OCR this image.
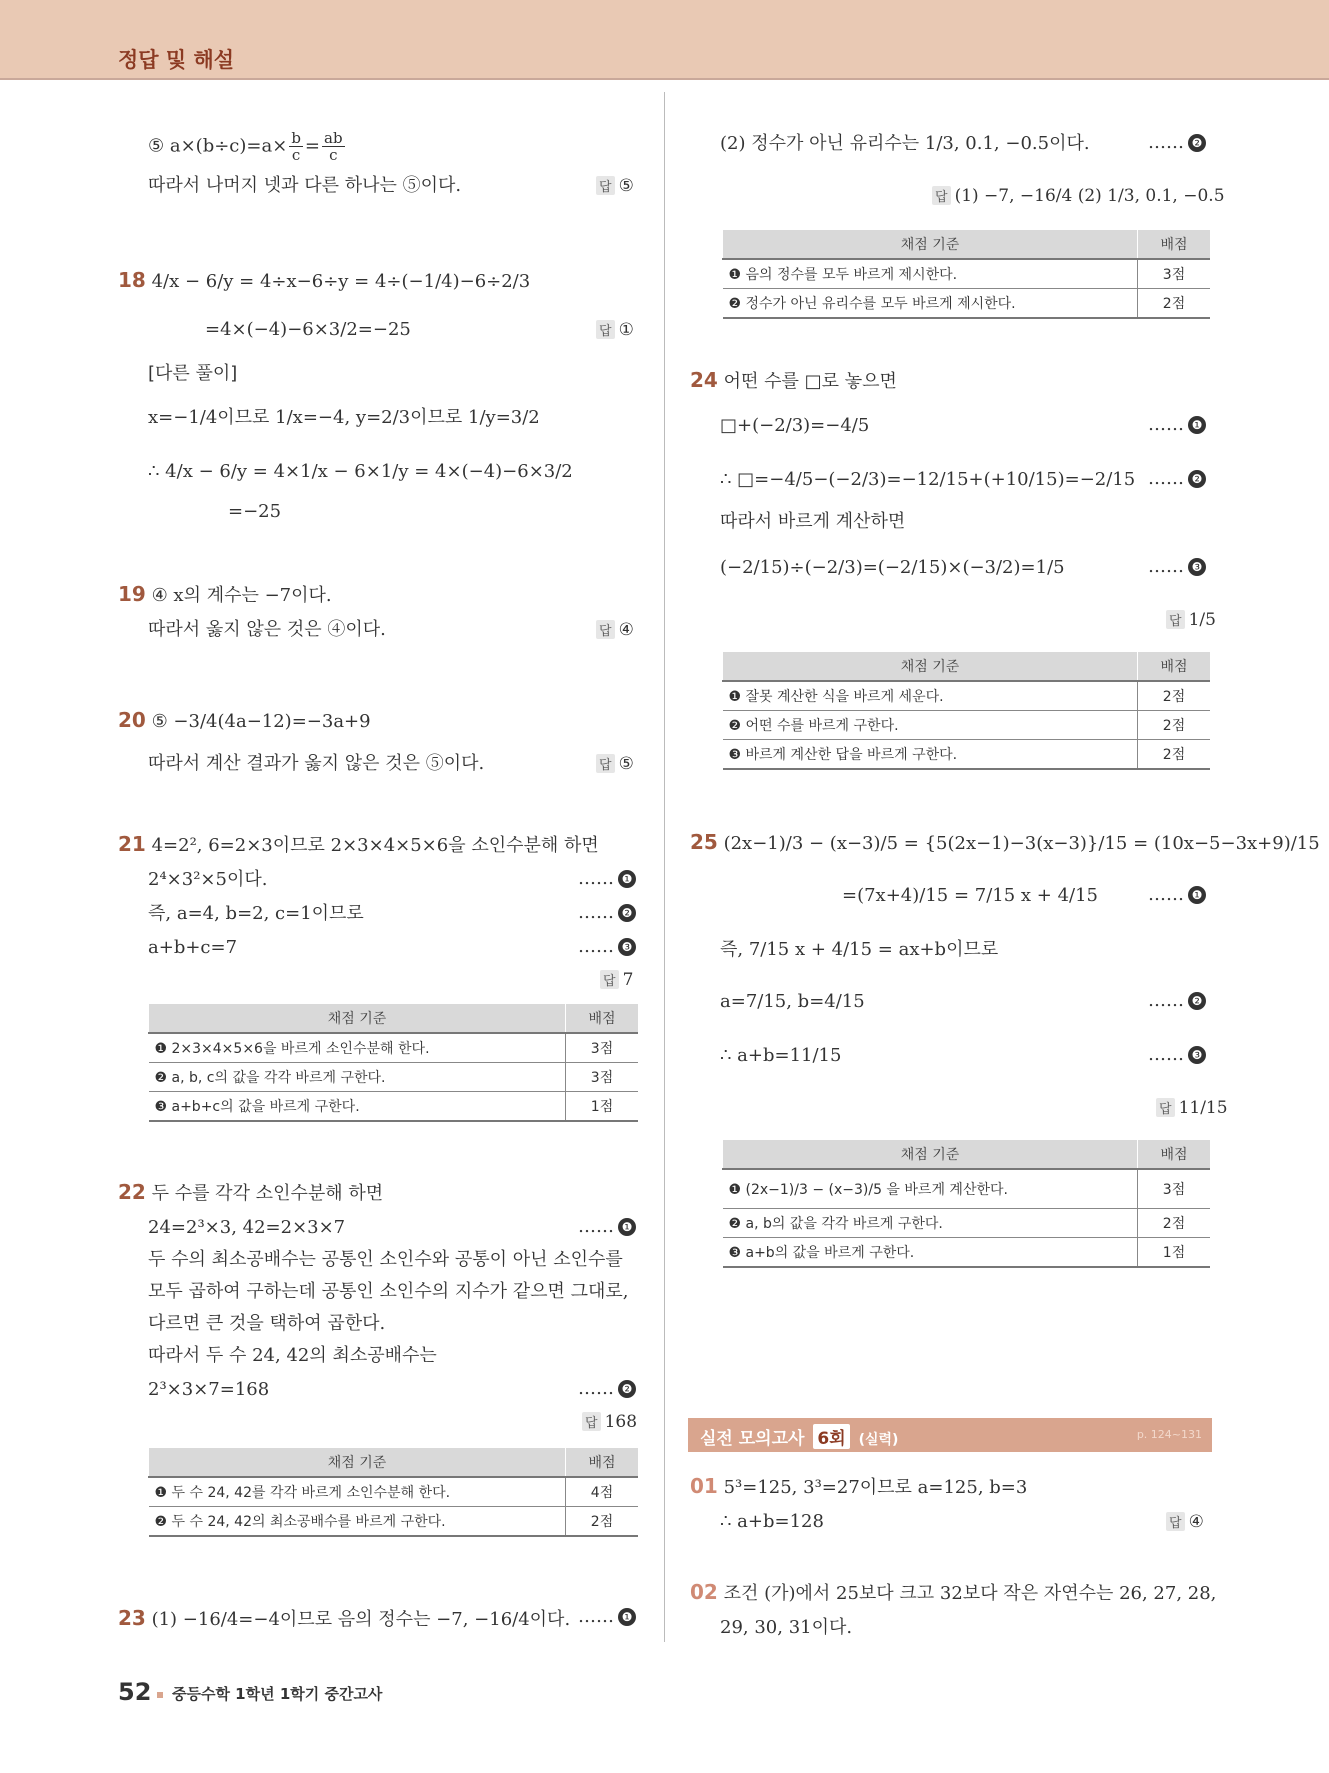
정답 및 해설
⑤ $a\times(b\div c)=a\times \frac{b}{c} = \frac{ab}{c}$
따라서 나머지 넷과 다른 하나는 ⑤이다.	답 ⑤
18 4/x − 6/y = 4÷x−6÷y = 4÷(−1/4)−6÷2/3
=4×(−4)−6×3/2=−25	답 ①
[다른 풀이]
x=−1/4이므로 1/x=−4, y=2/3이므로 1/y=3/2
∴ 4/x − 6/y = 4×1/x − 6×1/y = 4×(−4)−6×3/2
=−25
19 ④ x의 계수는 −7이다.
따라서 옳지 않은 것은 ④이다.	답 ④
20 ⑤ −3/4(4a−12)=−3a+9
따라서 계산 결과가 옳지 않은 것은 ⑤이다.	답 ⑤
21 4=2², 6=2×3이므로 2×3×4×5×6을 소인수분해 하면
2⁴×3²×5이다.	…… ❶
즉, a=4, b=2, c=1이므로	…… ❷
a+b+c=7	…… ❸
답 7
채점 기준	배점
❶ 2×3×4×5×6을 바르게 소인수분해 한다.	3점
❷ a, b, c의 값을 각각 바르게 구한다.	3점
❸ a+b+c의 값을 바르게 구한다.	1점
22 두 수를 각각 소인수분해 하면
24=2³×3, 42=2×3×7	…… ❶
두 수의 최소공배수는 공통인 소인수와 공통이 아닌 소인수를
모두 곱하여 구하는데 공통인 소인수의 지수가 같으면 그대로,
다르면 큰 것을 택하여 곱한다.
따라서 두 수 24, 42의 최소공배수는
2³×3×7=168	…… ❷
답 168
채점 기준	배점
❶ 두 수 24, 42를 각각 바르게 소인수분해 한다.	4점
❷ 두 수 24, 42의 최소공배수를 바르게 구한다.	2점
23 (1) −16/4=−4이므로 음의 정수는 −7, −16/4이다. …… ❶
(2) 정수가 아닌 유리수는 1/3, 0.1, −0.5이다.	…… ❷
답 (1) −7, −16/4 (2) 1/3, 0.1, −0.5
채점 기준	배점
❶ 음의 정수를 모두 바르게 제시한다.	3점
❷ 정수가 아닌 유리수를 모두 바르게 제시한다.	2점
24 어떤 수를 □로 놓으면
□+(−2/3)=−4/5	…… ❶
∴ □=−4/5−(−2/3)=−12/15+(+10/15)=−2/15 …… ❷
따라서 바르게 계산하면
(−2/15)÷(−2/3)=(−2/15)×(−3/2)=1/5	…… ❸
답 1/5
채점 기준	배점
❶ 잘못 계산한 식을 바르게 세운다.	2점
❷ 어떤 수를 바르게 구한다.	2점
❸ 바르게 계산한 답을 바르게 구한다.	2점
25 (2x−1)/3 − (x−3)/5 = {5(2x−1)−3(x−3)}/15 = (10x−5−3x+9)/15
=(7x+4)/15 = 7/15 x + 4/15	…… ❶
즉, 7/15 x + 4/15 = ax+b이므로
a=7/15, b=4/15	…… ❷
∴ a+b=11/15	…… ❸
답 11/15
채점 기준	배점
❶ (2x−1)/3 − (x−3)/5 을 바르게 계산한다.	3점
❷ a, b의 값을 각각 바르게 구한다.	2점
❸ a+b의 값을 바르게 구한다.	1점
실전 모의고사 6회 (실력)	p. 124~131
01 5³=125, 3³=27이므로 a=125, b=3
∴ a+b=128	답 ④
02 조건 (가)에서 25보다 크고 32보다 작은 자연수는 26, 27, 28,
29, 30, 31이다.
52 중등수학 1학년 1학기 중간고사
